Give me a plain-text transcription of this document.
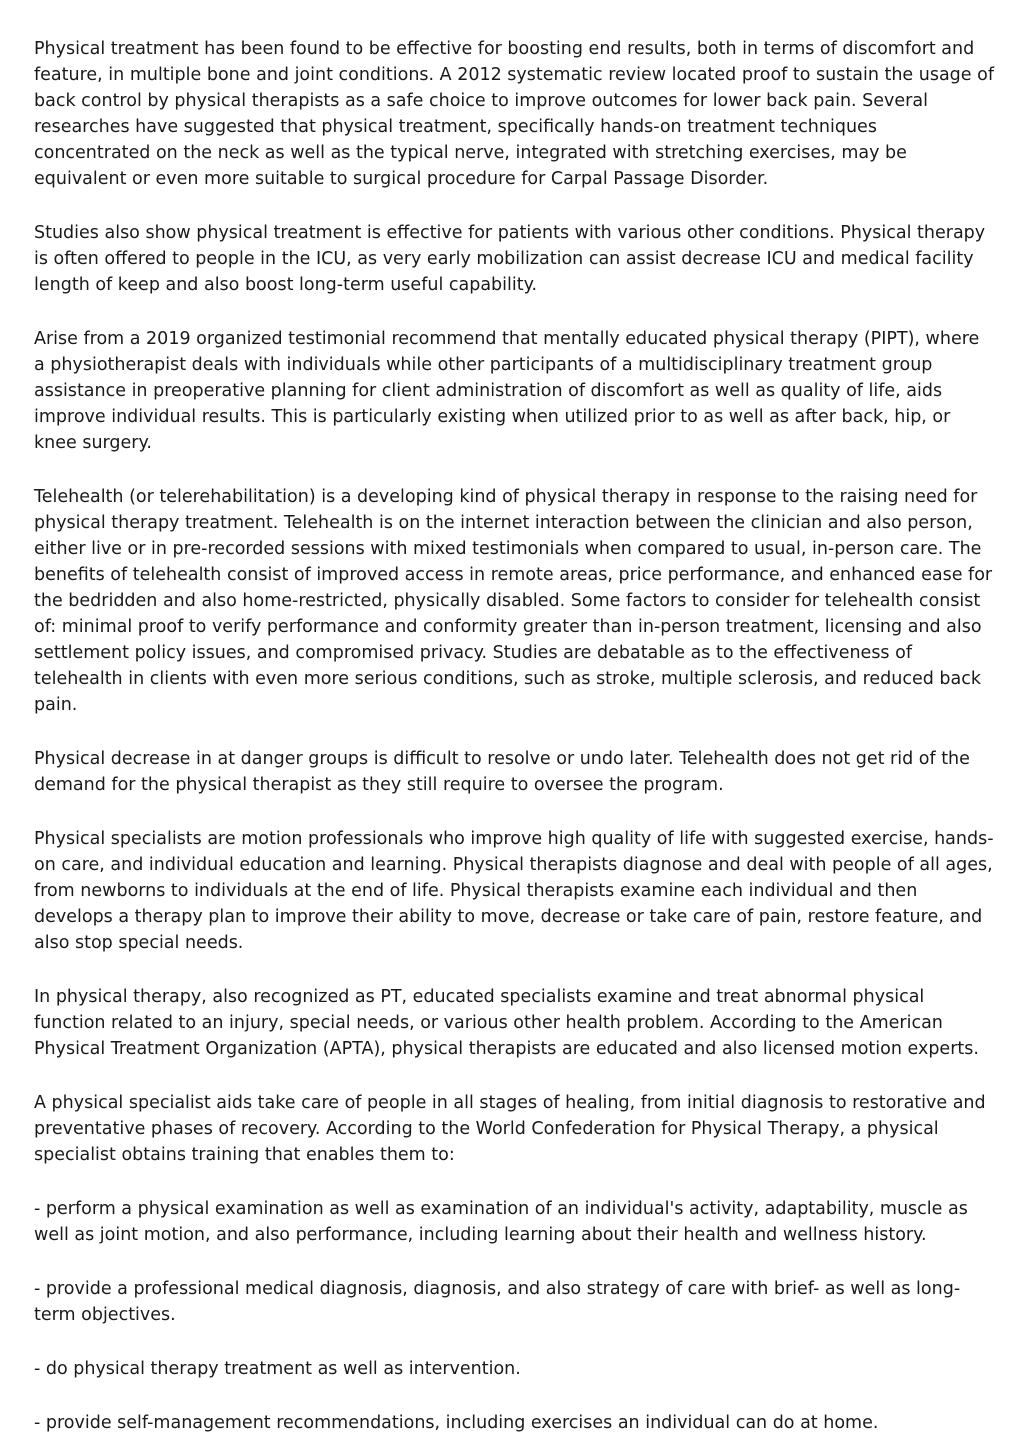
Physical treatment has been found to be effective for boosting end results, both in terms of discomfort and feature, in multiple bone and joint conditions. A 2012 systematic review located proof to sustain the usage of back control by physical therapists as a safe choice to improve outcomes for lower back pain. Several researches have suggested that physical treatment, specifically hands-on treatment techniques concentrated on the neck as well as the typical nerve, integrated with stretching exercises, may be equivalent or even more suitable to surgical procedure for Carpal Passage Disorder.

Studies also show physical treatment is effective for patients with various other conditions. Physical therapy is often offered to people in the ICU, as very early mobilization can assist decrease ICU and medical facility length of keep and also boost long-term useful capability.

Arise from a 2019 organized testimonial recommend that mentally educated physical therapy (PIPT), where a physiotherapist deals with individuals while other participants of a multidisciplinary treatment group assistance in preoperative planning for client administration of discomfort as well as quality of life, aids improve individual results. This is particularly existing when utilized prior to as well as after back, hip, or knee surgery.

Telehealth (or telerehabilitation) is a developing kind of physical therapy in response to the raising need for physical therapy treatment. Telehealth is on the internet interaction between the clinician and also person, either live or in pre-recorded sessions with mixed testimonials when compared to usual, in-person care. The benefits of telehealth consist of improved access in remote areas, price performance, and enhanced ease for the bedridden and also home-restricted, physically disabled. Some factors to consider for telehealth consist of: minimal proof to verify performance and conformity greater than in-person treatment, licensing and also settlement policy issues, and compromised privacy. Studies are debatable as to the effectiveness of telehealth in clients with even more serious conditions, such as stroke, multiple sclerosis, and reduced back pain.

Physical decrease in at danger groups is difficult to resolve or undo later. Telehealth does not get rid of the demand for the physical therapist as they still require to oversee the program.

Physical specialists are motion professionals who improve high quality of life with suggested exercise, hands-on care, and individual education and learning. Physical therapists diagnose and deal with people of all ages, from newborns to individuals at the end of life. Physical therapists examine each individual and then develops a therapy plan to improve their ability to move, decrease or take care of pain, restore feature, and also stop special needs.

In physical therapy, also recognized as PT, educated specialists examine and treat abnormal physical function related to an injury, special needs, or various other health problem. According to the American Physical Treatment Organization (APTA), physical therapists are educated and also licensed motion experts.

A physical specialist aids take care of people in all stages of healing, from initial diagnosis to restorative and preventative phases of recovery. According to the World Confederation for Physical Therapy, a physical specialist obtains training that enables them to:

- perform a physical examination as well as examination of an individual's activity, adaptability, muscle as well as joint motion, and also performance, including learning about their health and wellness history.

- provide a professional medical diagnosis, diagnosis, and also strategy of care with brief- as well as long-term objectives.

- do physical therapy treatment as well as intervention.

- provide self-management recommendations, including exercises an individual can do at home.
